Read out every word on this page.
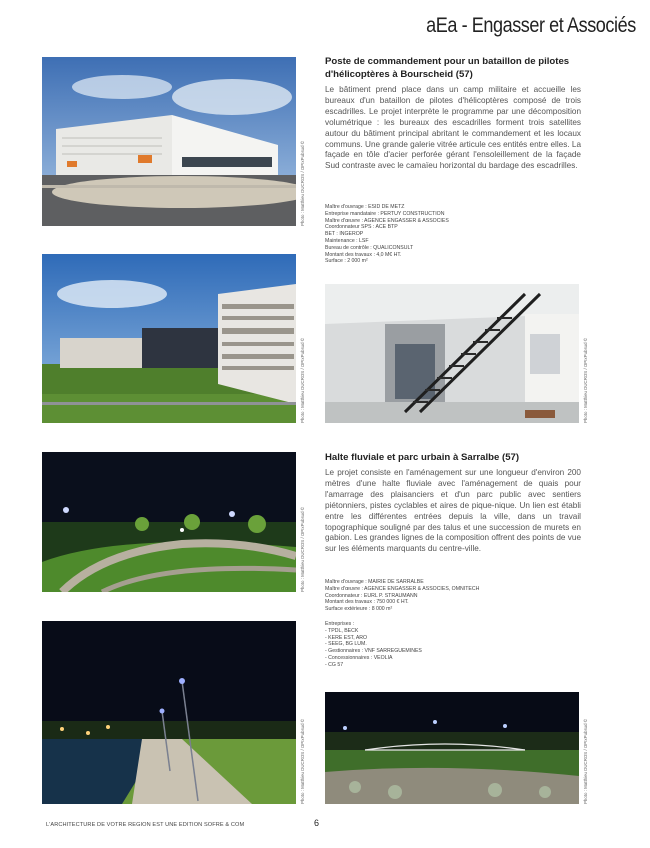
aEa - Engasser et Associés
Photo : Matthieu DUCROS / OPIxPubsud ©
Photo : Matthieu DUCROS / OPIxPubsud ©
Poste de commandement pour un bataillon de pilotes d'hélicoptères à Bourscheid (57)
Le bâtiment prend place dans un camp militaire et accueille les bureaux d'un bataillon de pilotes d'hélicoptères composé de trois escadrilles. Le projet interprète le programme par une décomposition volumétrique : les bureaux des escadrilles forment trois satellites autour du bâtiment principal abritant le commandement et les locaux communs. Une grande galerie vitrée articule ces entités entre elles. La façade en tôle d'acier perforée gérant l'ensoleillement de la façade Sud contraste avec le camaïeu horizontal du bardage des escadrilles.
Maître d'ouvrage : ESID DE METZ
Entreprise mandataire : PERTUY CONSTRUCTION
Maître d'œuvre : AGENCE ENGASSER & ASSOCIES
Coordonnateur SPS : ACE BTP
BET : INGEROP
Maintenance : LSF
Bureau de contrôle : QUALICONSULT
Montant des travaux : 4,0 M€ HT.
Surface : 2 000 m²
Photo : Matthieu DUCROS / OPIxPubsud ©
Photo : Matthieu DUCROS / OPIxPubsud ©
Halte fluviale et parc urbain à Sarralbe (57)
Le projet consiste en l'aménagement sur une longueur d'environ 200 mètres d'une halte fluviale avec l'aménagement de quais pour l'amarrage des plaisanciers et d'un parc public avec sentiers piétonniers, pistes cyclables et aires de pique-nique. Un lien est établi entre les différentes entrées depuis la ville, dans un travail topographique souligné par des talus et une succession de murets en gabion. Les grandes lignes de la composition offrent des points de vue sur les éléments marquants du centre-ville.
Maître d'ouvrage : MAIRIE DE SARRALBE
Maître d'œuvre : AGENCE ENGASSER & ASSOCIES, OMNITECH
Coordonnateur : EURL P. STRAUMANN
Montant des travaux : 750 000 € HT.
Surface extérieure : 8 000 m²
Entreprises :
- TPDL, BECK
- KERE EST, ARO
- SEEG, BG LUM.
- Gestionnaires : VNF SARREGUEMINES
- Concessionnaires : VEOLIA
- CG 57
Photo : Matthieu DUCROS / OPIxPubsud ©	Photo : Matthieu DUCROS / OPIxPubsud ©
L'ARCHITECTURE DE VOTRE REGION EST UNE EDITION SOFRE & COM	6
